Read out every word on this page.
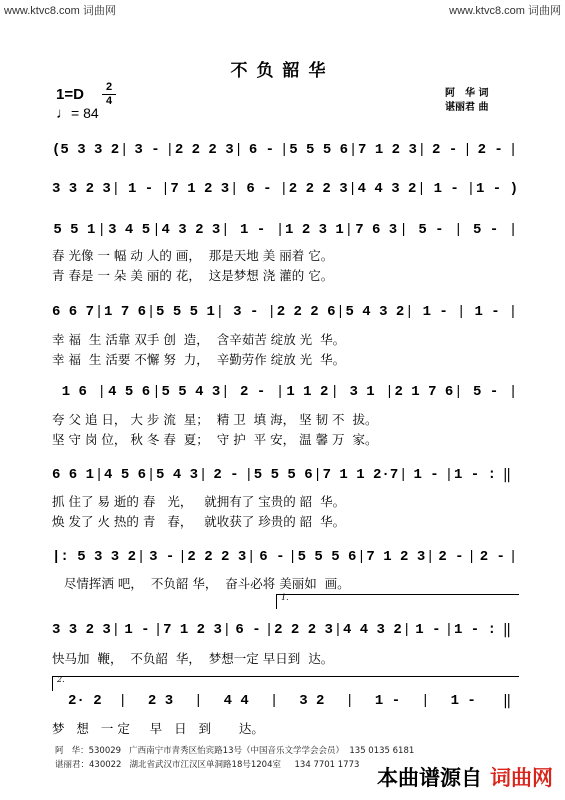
www.ktvc8.com 词曲网	www.ktvc8.com 词曲网
不负韶华
阿　华 词
谌丽君 曲
1=D	2
4
♩= 84
(5 3 3 2 | 3 - | 2 2 2 3 | 6 - | 5 5 5 6 | 7 1 2 3 | 2 - | 2 - |
3 3 2 3 | 1 - | 7 1 2 3 | 6 - | 2 2 2 3 | 4 4 3 2 | 1 - | 1 - )
5 5 1 | 3 4 5 | 4 3 2 3 | 1 - | 1 2 3 1 | 7 6 3 | 5 - | 5 - |
春 光像 一 幅 动 人的 画，  那是天地 美 丽着 它。
青 春是 一 朵 美 丽的 花，  这是梦想 浇 灌的 它。
6 6 7 | 1 7 6 | 5 5 5 1 | 3 - | 2 2 2 6 | 5 4 3 2 | 1 - | 1 - |
幸 福  生 活靠 双手 创  造，  含辛茹苦 绽放 光  华。
幸 福  生 活要 不懈 努  力，  辛勤劳作 绽放 光  华。
1 6 | 4 5 6 | 5 5 4 3 | 2 - | 1 1 2 | 3 1 | 2 1 7 6 | 5 - |
夸 父 追 日， 大 步 流  星；  精 卫  填 海， 坚 韧 不  拔。
坚 守 岗 位， 秋 冬 春  夏；  守 护  平 安， 温 馨 万  家。
6 6 1 | 4 5 6 | 5 4 3 | 2 - | 5 5 5 6 | 7 1 1 2·7 | 1 - | 1 - : ‖
抓 住了 易 逝的 春   光，   就拥有了 宝贵的 韶  华。
焕 发了 火 热的 青   春，   就收获了 珍贵的 韶  华。
|: 5 3 3 2 | 3 - | 2 2 2 3 | 6 - | 5 5 5 6 | 7 1 2 3 | 2 - | 2 - |
尽情挥洒 吧，  不负韶 华，  奋斗必将 美丽如  画。
1.
3 3 2 3 | 1 - | 7 1 2 3 | 6 - | 2 2 2 3 | 4 4 3 2 | 1 - | 1 - : ‖
快马加  鞭，  不负韶  华，  梦想一定 早日到  达。
2.
2· 2	|	2 3	|	4 4	|	3 2	|	1 -	|	1 -	‖
梦   想   一 定     早   日   到       达。
阿   华：530029   广西南宁市青秀区怡宾路13号（中国音乐文学学会会员）  135 0135 6181
谌丽君：430022   湖北省武汉市江汉区单洞路18号1204室     134 7701 1773
本曲谱源自 词曲网
